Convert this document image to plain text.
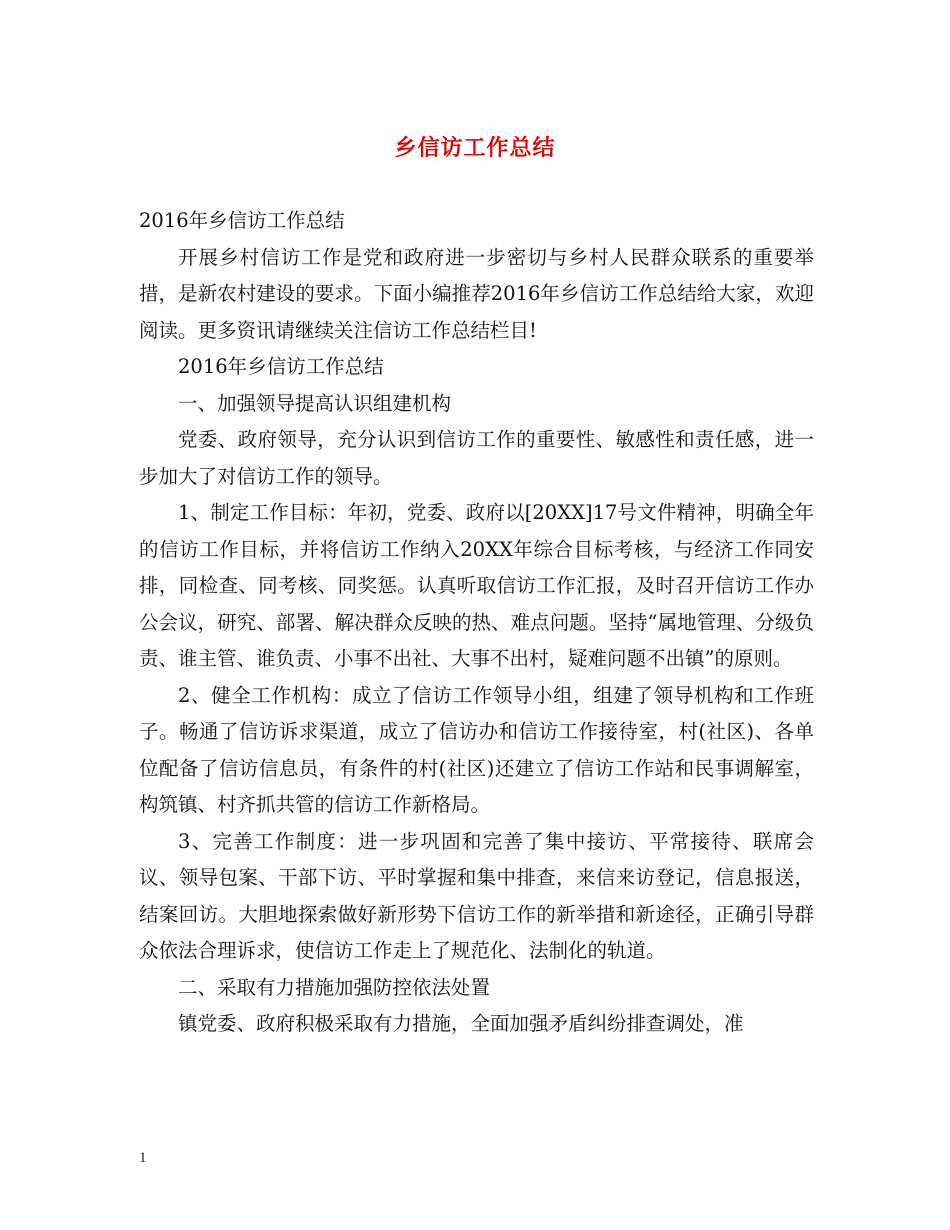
乡信访工作总结

2016年乡信访工作总结

开展乡村信访工作是党和政府进一步密切与乡村人民群众联系的重要举措，是新农村建设的要求。下面小编推荐2016年乡信访工作总结给大家，欢迎阅读。更多资讯请继续关注信访工作总结栏目!

2016年乡信访工作总结

一、加强领导提高认识组建机构

党委、政府领导，充分认识到信访工作的重要性、敏感性和责任感，进一步加大了对信访工作的领导。

1、制定工作目标：年初，党委、政府以[20XX]17号文件精神，明确全年的信访工作目标，并将信访工作纳入20XX年综合目标考核，与经济工作同安排，同检查、同考核、同奖惩。认真听取信访工作汇报，及时召开信访工作办公会议，研究、部署、解决群众反映的热、难点问题。坚持“属地管理、分级负责、谁主管、谁负责、小事不出社、大事不出村，疑难问题不出镇”的原则。

2、健全工作机构：成立了信访工作领导小组，组建了领导机构和工作班子。畅通了信访诉求渠道，成立了信访办和信访工作接待室，村(社区)、各单位配备了信访信息员，有条件的村(社区)还建立了信访工作站和民事调解室，构筑镇、村齐抓共管的信访工作新格局。

3、完善工作制度：进一步巩固和完善了集中接访、平常接待、联席会议、领导包案、干部下访、平时掌握和集中排查，来信来访登记，信息报送，结案回访。大胆地探索做好新形势下信访工作的新举措和新途径，正确引导群众依法合理诉求，使信访工作走上了规范化、法制化的轨道。

二、采取有力措施加强防控依法处置

镇党委、政府积极采取有力措施，全面加强矛盾纠纷排查调处，准

1
